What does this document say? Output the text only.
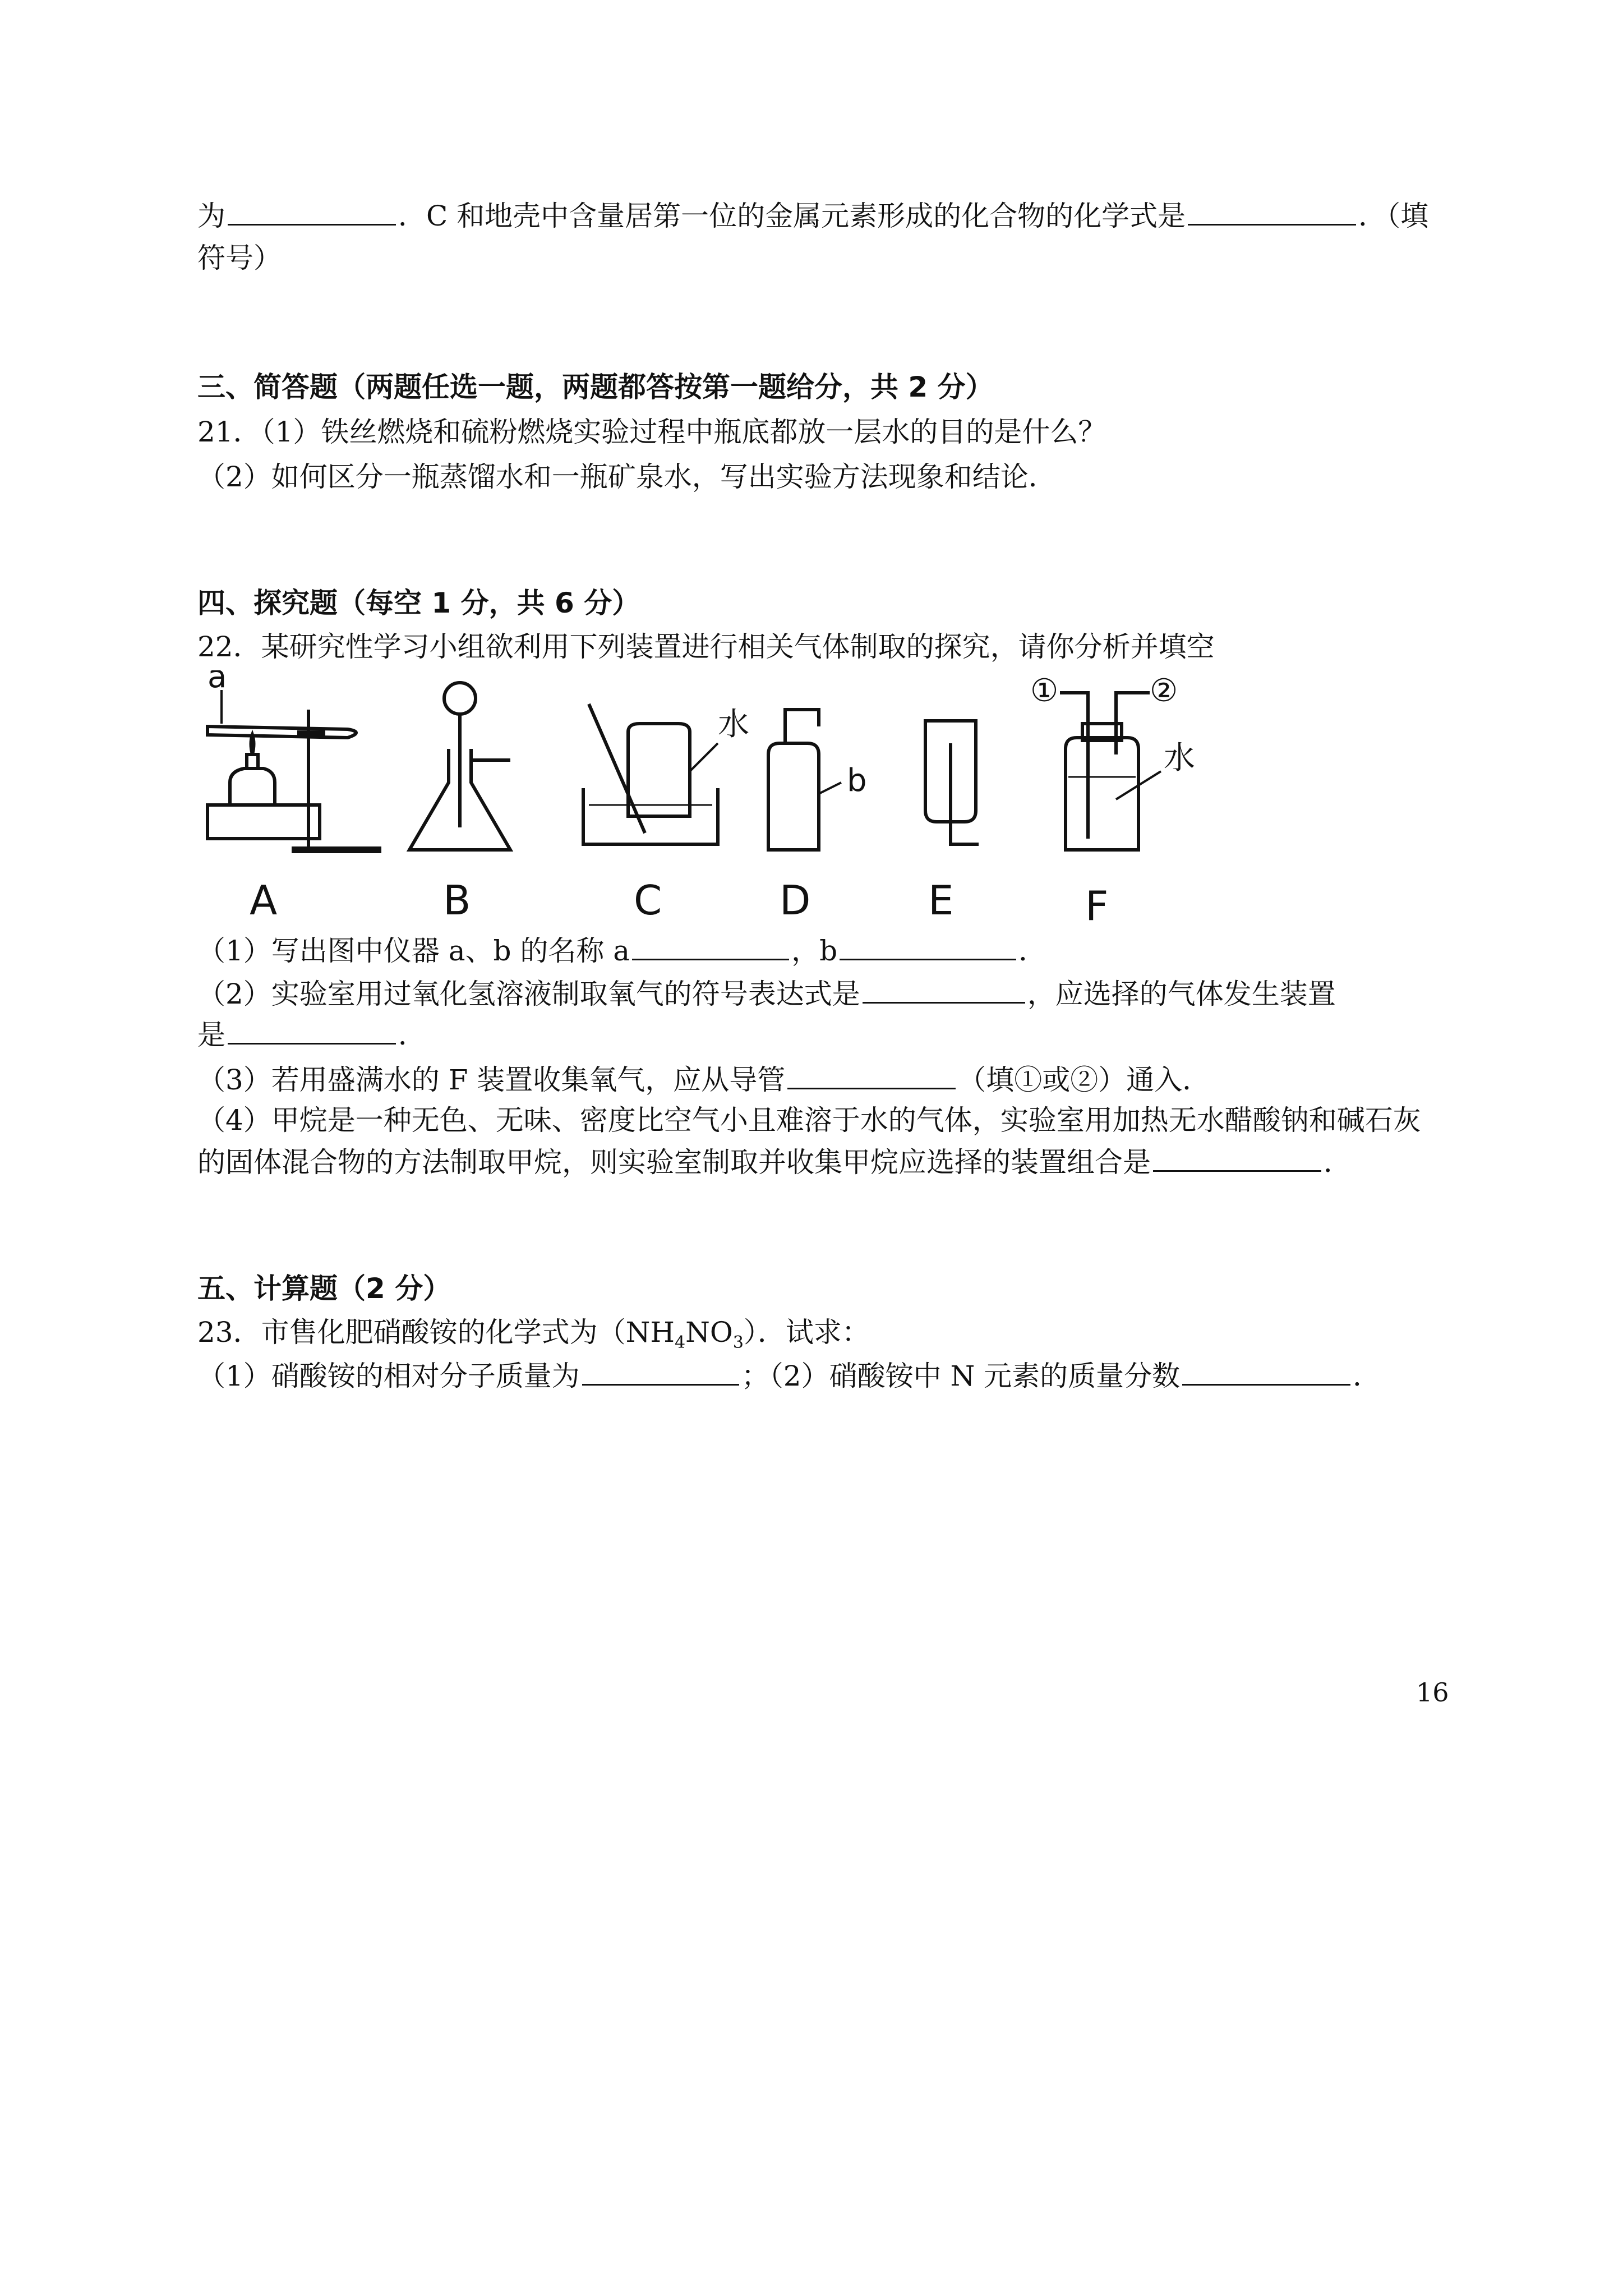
为	．C 和地壳中含量居第一位的金属元素形成的化合物的化学式是	．（填
符号）
三、简答题（两题任选一题，两题都答按第一题给分，共 2 分）
21．（1）铁丝燃烧和硫粉燃烧实验过程中瓶底都放一层水的目的是什么？
（2）如何区分一瓶蒸馏水和一瓶矿泉水，写出实验方法现象和结论．
四、探究题（每空 1 分，共 6 分）
22．某研究性学习小组欲利用下列装置进行相关气体制取的探究，请你分析并填空
a
A	B
水
C
b
D	E
①	②
水
F
（1）写出图中仪器 a、b 的名称 a	，b	．
（2）实验室用过氧化氢溶液制取氧气的符号表达式是	，应选择的气体发生装置
是	．
（3）若用盛满水的 F 装置收集氧气，应从导管	（填①或②）通入．
（4）甲烷是一种无色、无味、密度比空气小且难溶于水的气体，实验室用加热无水醋酸钠和碱石灰
的固体混合物的方法制取甲烷，则实验室制取并收集甲烷应选择的装置组合是	．
五、计算题（2 分）
23．市售化肥硝酸铵的化学式为$(NH_4NO_3)$．试求：
（1）硝酸铵的相对分子质量为	；（2）硝酸铵中 N 元素的质量分数	．
16
